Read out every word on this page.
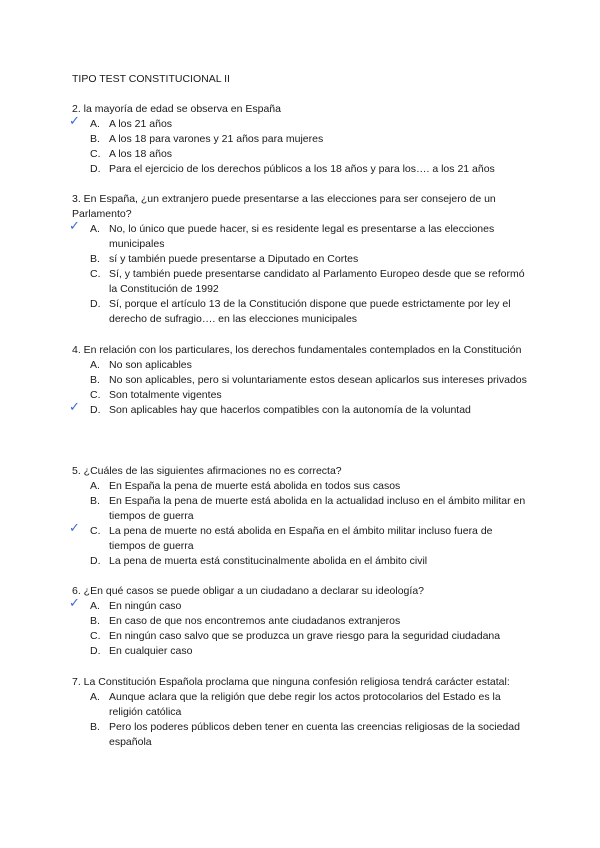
TIPO TEST CONSTITUCIONAL II

2. la mayoría de edad se observa en España

✓ A. A los 21 años
B. A los 18 para varones y 21 años para mujeres
C. A los 18 años
D. Para el ejercicio de los derechos públicos a los 18 años y para los…. a los 21 años

3. En España, ¿un extranjero puede presentarse a las elecciones para ser consejero de un Parlamento?

✓ A. No, lo único que puede hacer, si es residente legal es presentarse a las elecciones municipales
B. sí y también puede presentarse a Diputado en Cortes
C. Sí, y también puede presentarse candidato al Parlamento Europeo desde que se reformó la Constitución de 1992
D. Sí, porque el artículo 13 de la Constitución dispone que puede estrictamente por ley el derecho de sufragio…. en las elecciones municipales

4. En relación con los particulares, los derechos fundamentales contemplados en la Constitución

A. No son aplicables
B. No son aplicables, pero si voluntariamente estos desean aplicarlos sus intereses privados
C. Son totalmente vigentes
✓ D. Son aplicables hay que hacerlos compatibles con la autonomía de la voluntad

5. ¿Cuáles de las siguientes afirmaciones no es correcta?

A. En España la pena de muerte está abolida en todos sus casos
B. En España la pena de muerte está abolida en la actualidad incluso en el ámbito militar en tiempos de guerra
✓ C. La pena de muerte no está abolida en España en el ámbito militar incluso fuera de tiempos de guerra
D. La pena de muerta está constitucinalmente abolida en el ámbito civil

6. ¿En qué casos se puede obligar a un ciudadano a declarar su ideología?

✓ A. En ningún caso
B. En caso de que nos encontremos ante ciudadanos extranjeros
C. En ningún caso salvo que se produzca un grave riesgo para la seguridad ciudadana
D. En cualquier caso

7. La Constitución Española proclama que ninguna confesión religiosa tendrá carácter estatal:

A. Aunque aclara que la religión que debe regir los actos protocolarios del Estado es la religión católica
B. Pero los poderes públicos deben tener en cuenta las creencias religiosas de la sociedad española
